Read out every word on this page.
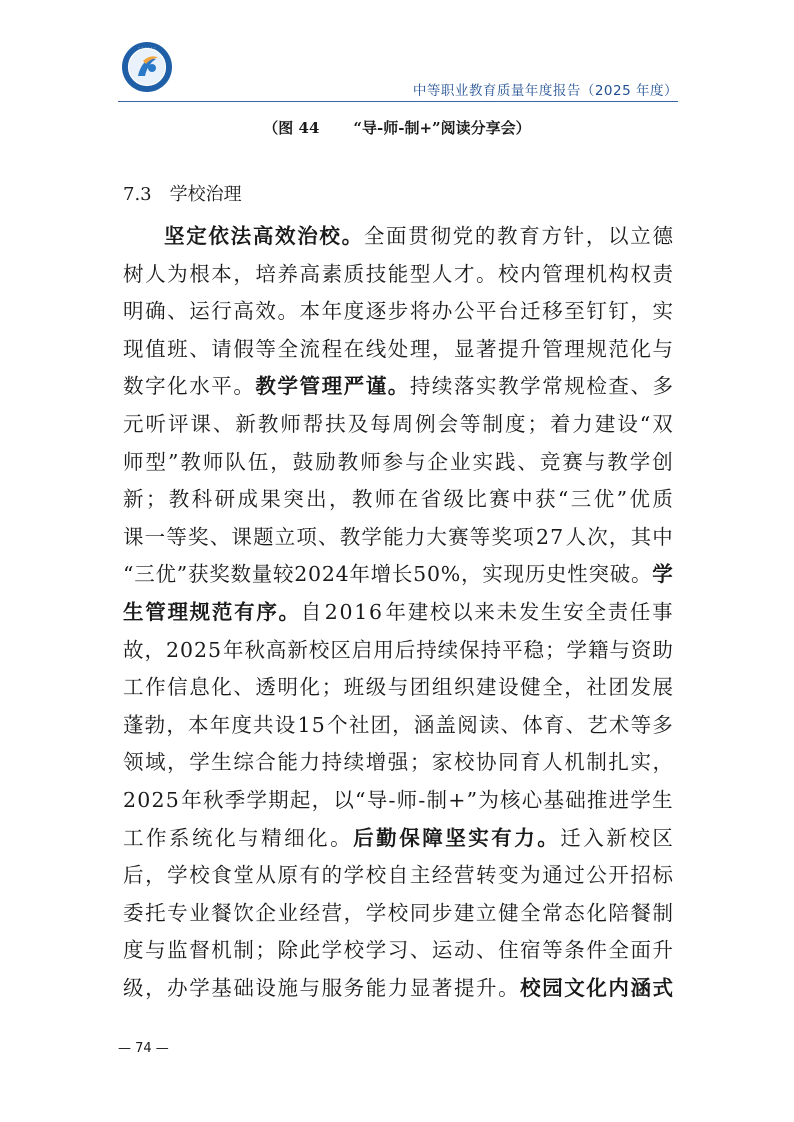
· · · · · ·
中等职业教育质量年度报告（2025 年度）
（图 44 “导-师-制+”阅读分享会）
7.3 学校治理
坚 定 依 法 高 效 治 校 。 全 面 贯 彻 党 的 教 育 方 针 ， 以 立 德
树 人 为 根 本 ， 培 养 高 素 质 技 能 型 人 才 。 校 内 管 理 机 构 权 责
明 确 、 运 行 高 效 。 本 年 度 逐 步 将 办 公 平 台 迁 移 至 钉 钉 ， 实
现 值 班 、 请 假 等 全 流 程 在 线 处 理 ， 显 著 提 升 管 理 规 范 化 与
数 字 化 水 平 。 教 学 管 理 严 谨 。 持 续 落 实 教 学 常 规 检 查 、 多
元 听 评 课 、 新 教 师 帮 扶 及 每 周 例 会 等 制 度 ； 着 力 建 设 “ 双
师 型 ” 教 师 队 伍 ， 鼓 励 教 师 参 与 企 业 实 践 、 竞 赛 与 教 学 创
新 ； 教 科 研 成 果 突 出 ， 教 师 在 省 级 比 赛 中 获 “ 三 优 ” 优 质
课 一 等 奖 、 课 题 立 项 、 教 学 能 力 大 赛 等 奖 项 2 7 人 次 ， 其 中
“ 三 优 ” 获 奖 数 量 较 2 0 2 4 年 增 长 5 0 % ， 实 现 历 史 性 突 破 。 学
生 管 理 规 范 有 序 。 自 2 0 1 6 年 建 校 以 来 未 发 生 安 全 责 任 事
故 ， 2 0 2 5 年 秋 高 新 校 区 启 用 后 持 续 保 持 平 稳 ； 学 籍 与 资 助
工 作 信 息 化 、 透 明 化 ； 班 级 与 团 组 织 建 设 健 全 ， 社 团 发 展
蓬 勃 ， 本 年 度 共 设 1 5 个 社 团 ， 涵 盖 阅 读 、 体 育 、 艺 术 等 多
领 域 ， 学 生 综 合 能 力 持 续 增 强 ； 家 校 协 同 育 人 机 制 扎 实 ，
2 0 2 5 年 秋 季 学 期 起 ， 以 “ 导 - 师 - 制 + ” 为 核 心 基 础 推 进 学 生
工 作 系 统 化 与 精 细 化 。 后 勤 保 障 坚 实 有 力 。 迁 入 新 校 区
后 ， 学 校 食 堂 从 原 有 的 学 校 自 主 经 营 转 变 为 通 过 公 开 招 标
委 托 专 业 餐 饮 企 业 经 营 ， 学 校 同 步 建 立 健 全 常 态 化 陪 餐 制
度 与 监 督 机 制 ； 除 此 学 校 学 习 、 运 动 、 住 宿 等 条 件 全 面 升
级 ， 办 学 基 础 设 施 与 服 务 能 力 显 著 提 升 。 校 园 文 化 内 涵 式
— 74 —
